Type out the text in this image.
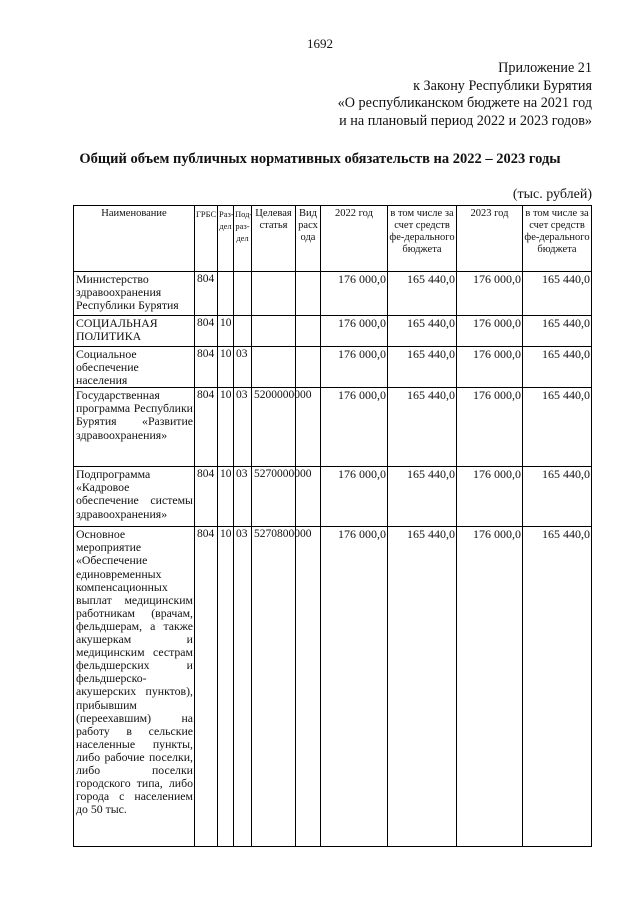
1692
Приложение 21
к Закону Республики Бурятия
«О республиканском бюджете на 2021 год
и на плановый период 2022 и 2023 годов»
Общий объем публичных нормативных обязательств на 2022 – 2023 годы
(тыс. рублей)
Наименование	ГРБС	Раз-дел	Под-раз-дел	Целевая статья	Вид расх ода	2022 год	в том числе за счет средств фе-дерального бюджета	2023 год	в том числе за счет средств фе-дерального бюджета
Министерство здравоохранения Республики Бурятия	804					176 000,0	165 440,0	176 000,0	165 440,0
СОЦИАЛЬНАЯ ПОЛИТИКА	804	10				176 000,0	165 440,0	176 000,0	165 440,0
Социальное обеспечение населения	804	10	03			176 000,0	165 440,0	176 000,0	165 440,0
Государственная программа Республики Бурятия «Развитие здравоохранения»	804	10	03	5200000000		176 000,0	165 440,0	176 000,0	165 440,0
Подпрограмма «Кадровое обеспечение системы здравоохранения»	804	10	03	5270000000		176 000,0	165 440,0	176 000,0	165 440,0
Основное мероприятие «Обеспечение единовременных компенсационных выплат медицинским работникам (врачам, фельдшерам, а также акушеркам и медицинским сестрам фельдшерских и фельдшерско-акушерских пунктов), прибывшим (переехавшим) на работу в сельские населенные пункты, либо рабочие поселки, либо поселки городского типа, либо города с населением до 50 тыс.	804	10	03	5270800000		176 000,0	165 440,0	176 000,0	165 440,0
